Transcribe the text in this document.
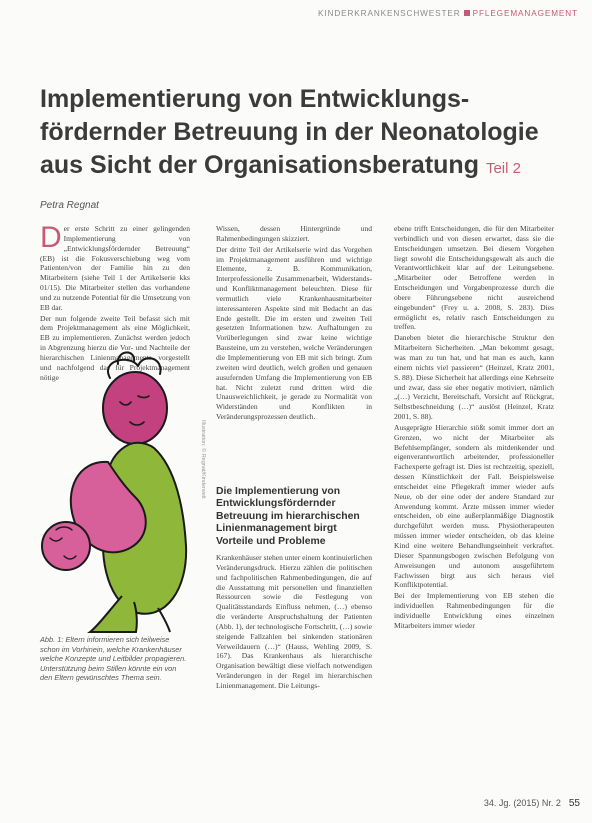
KINDERKRANKENSCHWESTER PFLEGEMANAGEMENT
Implementierung von Entwicklungs-fördernder Betreuung in der Neonatologie aus Sicht der Organisationsberatung Teil 2
Petra Regnat

Der erste Schritt zu einer gelingenden Implementierung von „Entwicklungsfördernder Betreuung“ (EB) ist die Fokusverschiebung weg vom Patienten/von der Familie hin zu den Mitarbeitern (siehe Teil 1 der Artikelserie kks 01/15). Die Mitarbeiter stellen das vorhandene und zu nutzende Potential für die Umsetzung von EB dar.

Der nun folgende zweite Teil befasst sich mit dem Projektmanagement als eine Möglichkeit, EB zu implementieren. Zunächst werden jedoch in Abgrenzung hierzu die Vor- und Nachteile der hierarchischen Linienmanagements vorgestellt und nachfolgend das für Projektmanagement nötige

Illustration: © Regnat/Kinderwelt
Abb. 1: Eltern informieren sich teilweise schon im Vorhinein, welche Krankenhäuser welche Konzepte und Leitbilder propagieren. Unterstützung beim Stillen könnte ein von den Eltern gewünschtes Thema sein.

Wissen, dessen Hintergründe und Rahmenbedingungen skizziert.

Der dritte Teil der Artikelserie wird das Vorgehen im Projektmanagement ausführen und wichtige Elemente, z. B. Kommunikation, Interprofessionelle Zusammenarbeit, Widerstands- und Konfliktmanagement beleuchten. Diese für vermutlich viele Krankenhausmitarbeiter interessanteren Aspekte sind mit Bedacht an das Ende gestellt. Die im ersten und zweiten Teil gesetzten Informationen bzw. Aufhaltungen zu Vorüberlegungen sind zwar keine wichtige Bausteine, um zu verstehen, welche Veränderungen die Implementierung von EB mit sich bringt. Zum zweiten wird deutlich, welch großen und genauen ausufernden Umfang die Implementierung von EB hat. Nicht zuletzt rund dritten wird die Unausweichlichkeit, je gerade zu Normalität von Widerständen und Konflikten in Veränderungsprozessen deutlich.

Die Implementierung von Entwicklungsfördernder Betreuung im hierarchischen Linienmanagement birgt Vorteile und Probleme

Krankenhäuser stehen unter einem kontinuierlichen Veränderungsdruck. Hierzu zählen die politischen und fachpolitischen Rahmenbedingungen, die auf die Ausstattung mit personellen und finanziellen Ressourcen sowie die Festlegung von Qualitätsstandards Einfluss nehmen, (…) ebenso die veränderte Anspruchshaltung der Patienten (Abb. 1), der technologische Fortschritt, (…) sowie steigende Fallzahlen bei sinkenden stationären Verweildauern (…)“ (Hauss, Wehling 2009, S. 167). Das Krankenhaus als hierarchische Organisation bewältigt diese vielfach notwendigen Veränderungen in der Regel im hierarchischen Linienmanagement. Die Leitungs-

ebene trifft Entscheidungen, die für den Mitarbeiter verbindlich und von diesen erwartet, dass sie die Entscheidungen umsetzen. Bei diesem Vorgehen liegt sowohl die Entscheidungsgewalt als auch die Verantwortlichkeit klar auf der Leitungsebene. „Mitarbeiter oder Betroffene werden in Entscheidungen und Vorgabenprozesse durch die obere Führungsebene nicht ausreichend eingebunden“ (Frey u. a. 2008, S. 283). Dies ermöglicht es, relativ rasch Entscheidungen zu treffen.

Daneben bietet die hierarchische Struktur den Mitarbeitern Sicherheiten. „Man bekommt gesagt, was man zu tun hat, und hat man es auch, kann einem nichts viel passieren“ (Heinzel, Kratz 2001, S. 88). Diese Sicherheit hat allerdings eine Kehrseite und zwar, dass sie eher negativ motiviert, nämlich „(…) Verzicht, Bereitschaft, Vorsicht auf Rückgrat, Selbstbeschneidung (…)“ auslöst (Heinzel, Kratz 2001, S. 88).

Ausgeprägte Hierarchie stößt somit immer dort an Grenzen, wo nicht der Mitarbeiter als Befehlsempfänger, sondern als mitdenkender und eigenverantwortlich arbeitender, professioneller Fachexperte gefragt ist. Dies ist rechtzeitig, speziell, dessen Künstlichkeit der Fall. Beispielsweise entscheidet eine Pflegekraft immer wieder aufs Neue, ob der eine oder der andere Standard zur Anwendung kommt. Ärzte müssen immer wieder entscheiden, ob eine außerplanmäßige Diagnostik durchgeführt werden muss. Physiotherapeuten müssen immer wieder entscheiden, ob das kleine Kind eine weitere Behandlungseinheit verkraftet. Dieser Spannungsbogen zwischen Befolgung von Anweisungen und autonom ausgeführtem Fachwissen birgt aus sich heraus viel Konfliktpotential.

Bei der Implementierung von EB stehen die individuellen Rahmenbedingungen für die individuelle Entwicklung eines einzelnen Mitarbeiters immer wieder

34. Jg. (2015) Nr. 2 55
